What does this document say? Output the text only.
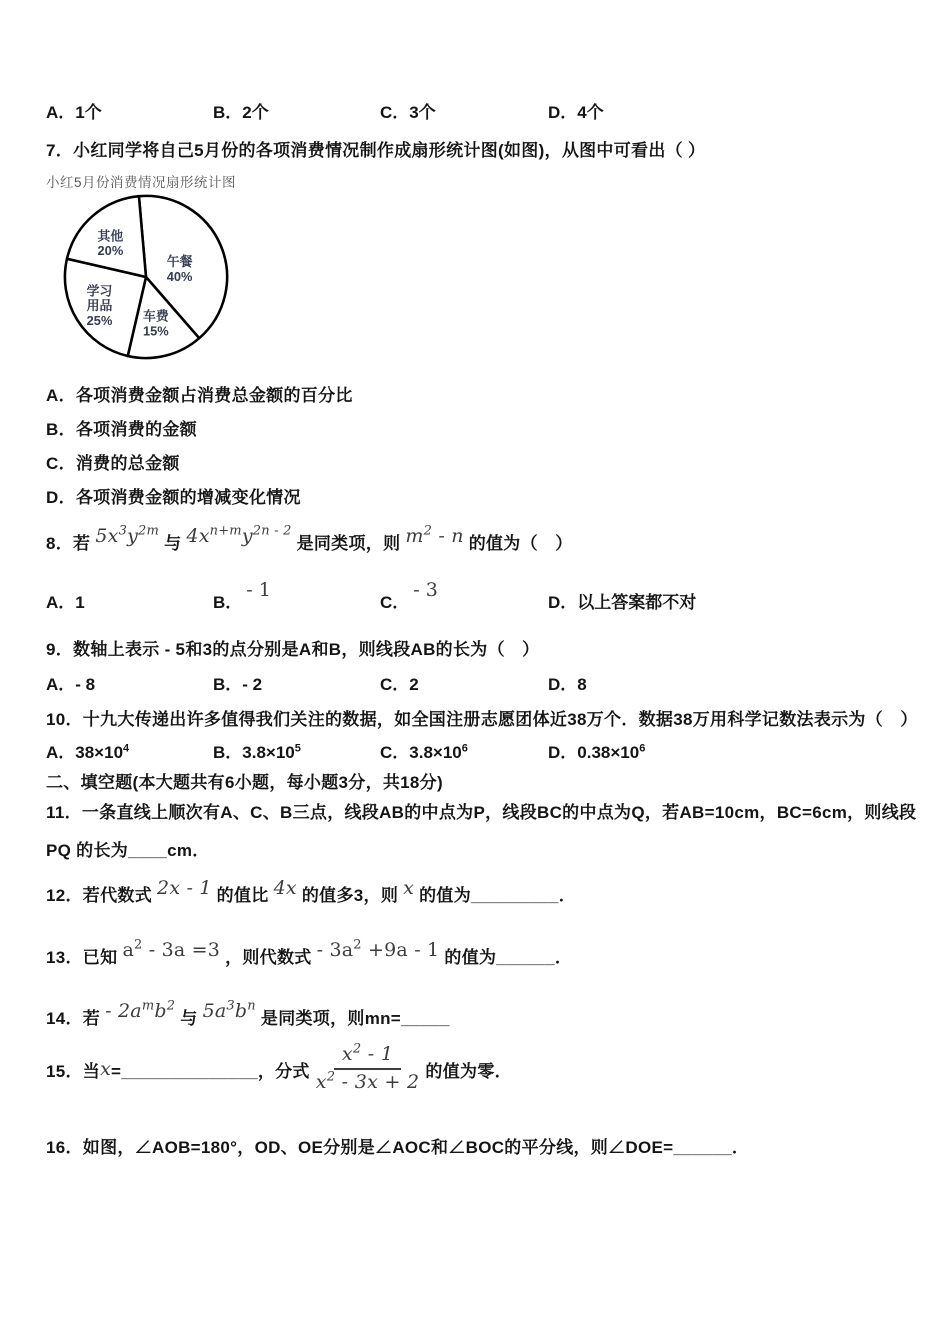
A．1个	B．2个	C．3个	D．4个
7．小红同学将自己5月份的各项消费情况制作成扇形统计图(如图)，从图中可看出（ ）
小红5月份消费情况扇形统计图
午餐 40%
车费 15%
学习用品 25%
其他 20%
A．各项消费金额占消费总金额的百分比
B．各项消费的金额
C．消费的总金额
D．各项消费金额的增减变化情况
8．若 $5x^3y^{2m}$ 与 $4x^{n+m}y^{2n - 2}$ 是同类项，则 $m^2$ - n 的值为（　）
A．1	B．- 1
C．- 3
D．以上答案都不对
9．数轴上表示 - 5和3的点分别是A和B，则线段AB的长为（　）
A．- 8	B．- 2	C．2	D．8
10．十九大传递出许多值得我们关注的数据，如全国注册志愿团体近38万个．数据38万用科学记数法表示为（　）
A．$38\times 10^4$	B．$3.8\times 10^5$	C．$3.8\times 10^6$	D．$0.38\times 10^6$
二、填空题(本大题共有6小题，每小题3分，共18分)
11．一条直线上顺次有A、C、B三点，线段AB的中点为P，线段BC的中点为Q，若AB=10cm，BC=6cm，则线段
PQ 的长为____cm．
12．若代数式 2x - 1 的值比 4x 的值多3，则 x 的值为_________．
13．已知 $a^2 - 3a =3$ ，则代数式 - $3a^2 +9a - 1$ 的值为______．
14．若 - $2a^mb^2$ 与 $5a^3b^n$ 是同类项，则mn=_____
15．当 x =______________， 分式 $\frac{x^2 - 1}{x^2 - 3x + 2}$ 的值为零．
16．如图，∠AOB=180°，OD、OE分别是∠AOC和∠BOC的平分线，则∠DOE=______．
